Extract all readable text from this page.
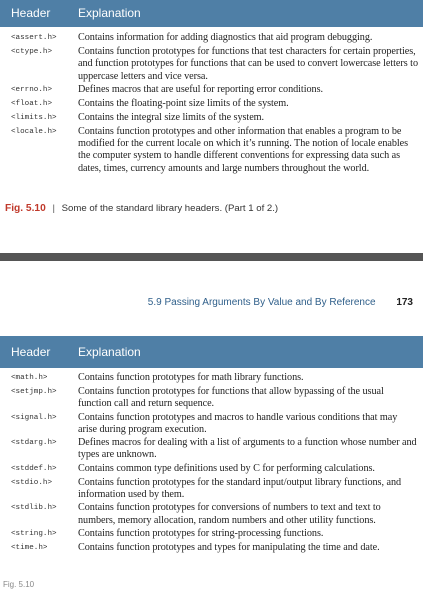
Header Explanation
<assert.h>	Contains information for adding diagnostics that aid program debugging.
<ctype.h>	Contains function prototypes for functions that test characters for certain properties, and function prototypes for functions that can be used to convert lowercase letters to uppercase letters and vice versa.
<errno.h>	Defines macros that are useful for reporting error conditions.
<float.h>	Contains the floating-point size limits of the system.
<limits.h>	Contains the integral size limits of the system.
<locale.h>	Contains function prototypes and other information that enables a program to be modified for the current locale on which it’s running. The notion of locale enables the computer system to handle different conventions for expressing data such as dates, times, currency amounts and large numbers throughout the world.
Fig. 5.10 | Some of the standard library headers. (Part 1 of 2.)
5.9 Passing Arguments By Value and By Reference 173
Header Explanation
<math.h>	Contains function prototypes for math library functions.
<setjmp.h>	Contains function prototypes for functions that allow bypassing of the usual function call and return sequence.
<signal.h>	Contains function prototypes and macros to handle various conditions that may arise during program execution.
<stdarg.h>	Defines macros for dealing with a list of arguments to a function whose number and types are unknown.
<stddef.h>	Contains common type definitions used by C for performing calculations.
<stdio.h>	Contains function prototypes for the standard input/output library functions, and information used by them.
<stdlib.h>	Contains function prototypes for conversions of numbers to text and text to numbers, memory allocation, random numbers and other utility functions.
<string.h>	Contains function prototypes for string-processing functions.
<time.h>	Contains function prototypes and types for manipulating the time and date.
Fig. 5.10
